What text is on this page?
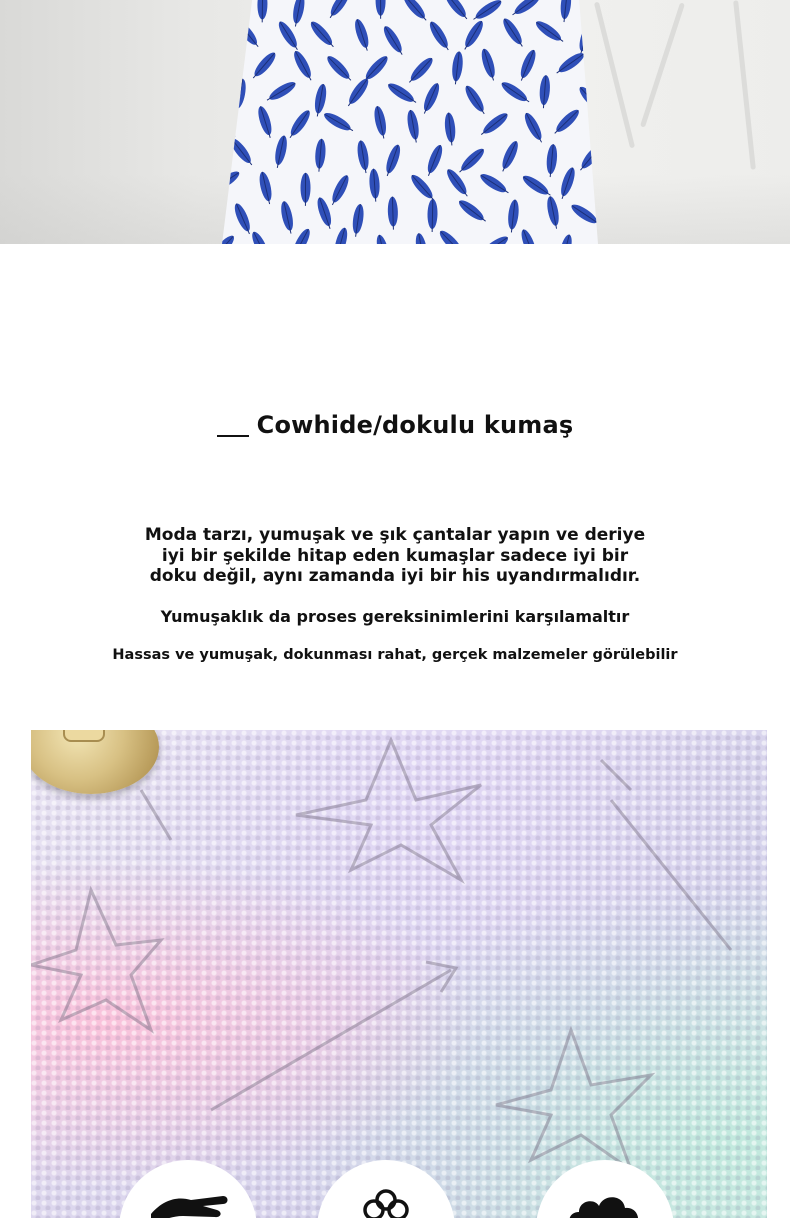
Cowhide/dokulu kumaş
Moda tarzı, yumuşak ve şık çantalar yapın ve deriye
iyi bir şekilde hitap eden kumaşlar sadece iyi bir
doku değil, aynı zamanda iyi bir his uyandırmalıdır.
Yumuşaklık da proses gereksinimlerini karşılamaltır
Hassas ve yumuşak, dokunması rahat, gerçek malzemeler görülebilir
